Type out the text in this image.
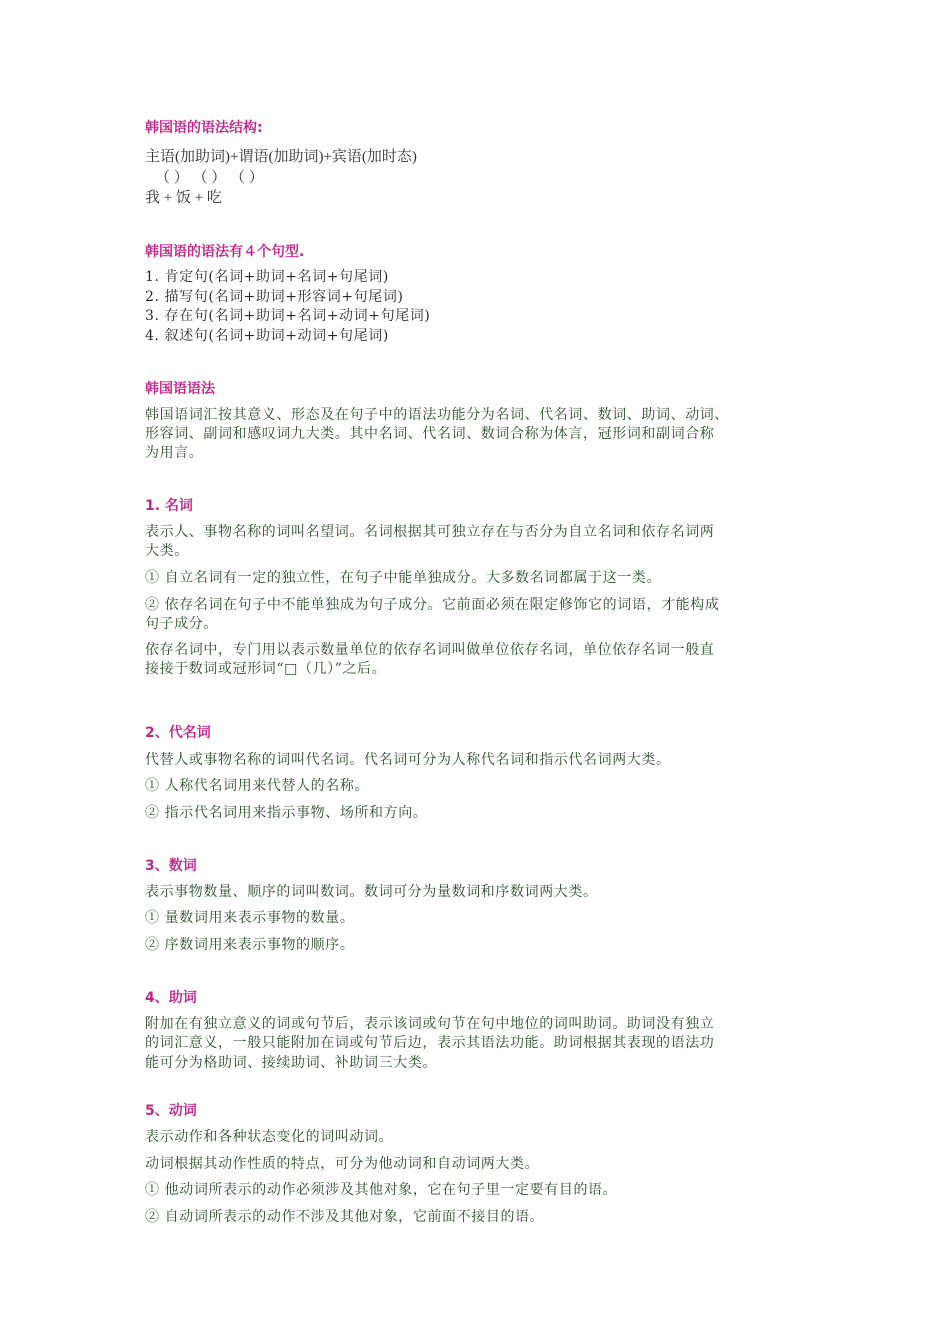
韩国语的语法结构:
主语(加助词)+谓语(加助词)+宾语(加时态)
（ ） （ ） （ ）
我 + 饭 + 吃
韩国语的语法有４个句型.
1. 肯定句(名词+助词+名词+句尾词)
2. 描写句(名词+助词+形容词+句尾词)
3. 存在句(名词+助词+名词+动词+句尾词)
4. 叙述句(名词+助词+动词+句尾词)
韩国语语法
韩国语词汇按其意义、形态及在句子中的语法功能分为名词、代名词、数词、助词、动词、
形容词、副词和感叹词九大类。其中名词、代名词、数词合称为体言，冠形词和副词合称
为用言。
1. 名词
表示人、事物名称的词叫名望词。名词根据其可独立存在与否分为自立名词和依存名词两
大类。
① 自立名词有一定的独立性，在句子中能单独成分。大多数名词都属于这一类。
② 依存名词在句子中不能单独成为句子成分。它前面必须在限定修饰它的词语，才能构成
句子成分。
依存名词中，专门用以表示数量单位的依存名词叫做单位依存名词，单位依存名词一般直
接接于数词或冠形词“□（几）”之后。
2、代名词
代替人或事物名称的词叫代名词。代名词可分为人称代名词和指示代名词两大类。
① 人称代名词用来代替人的名称。
② 指示代名词用来指示事物、场所和方向。
3、数词
表示事物数量、顺序的词叫数词。数词可分为量数词和序数词两大类。
① 量数词用来表示事物的数量。
② 序数词用来表示事物的顺序。
4、助词
附加在有独立意义的词或句节后，表示该词或句节在句中地位的词叫助词。助词没有独立
的词汇意义，一般只能附加在词或句节后边，表示其语法功能。助词根据其表现的语法功
能可分为格助词、接续助词、补助词三大类。
5、动词
表示动作和各种状态变化的词叫动词。
动词根据其动作性质的特点，可分为他动词和自动词两大类。
① 他动词所表示的动作必须涉及其他对象，它在句子里一定要有目的语。
② 自动词所表示的动作不涉及其他对象，它前面不接目的语。
